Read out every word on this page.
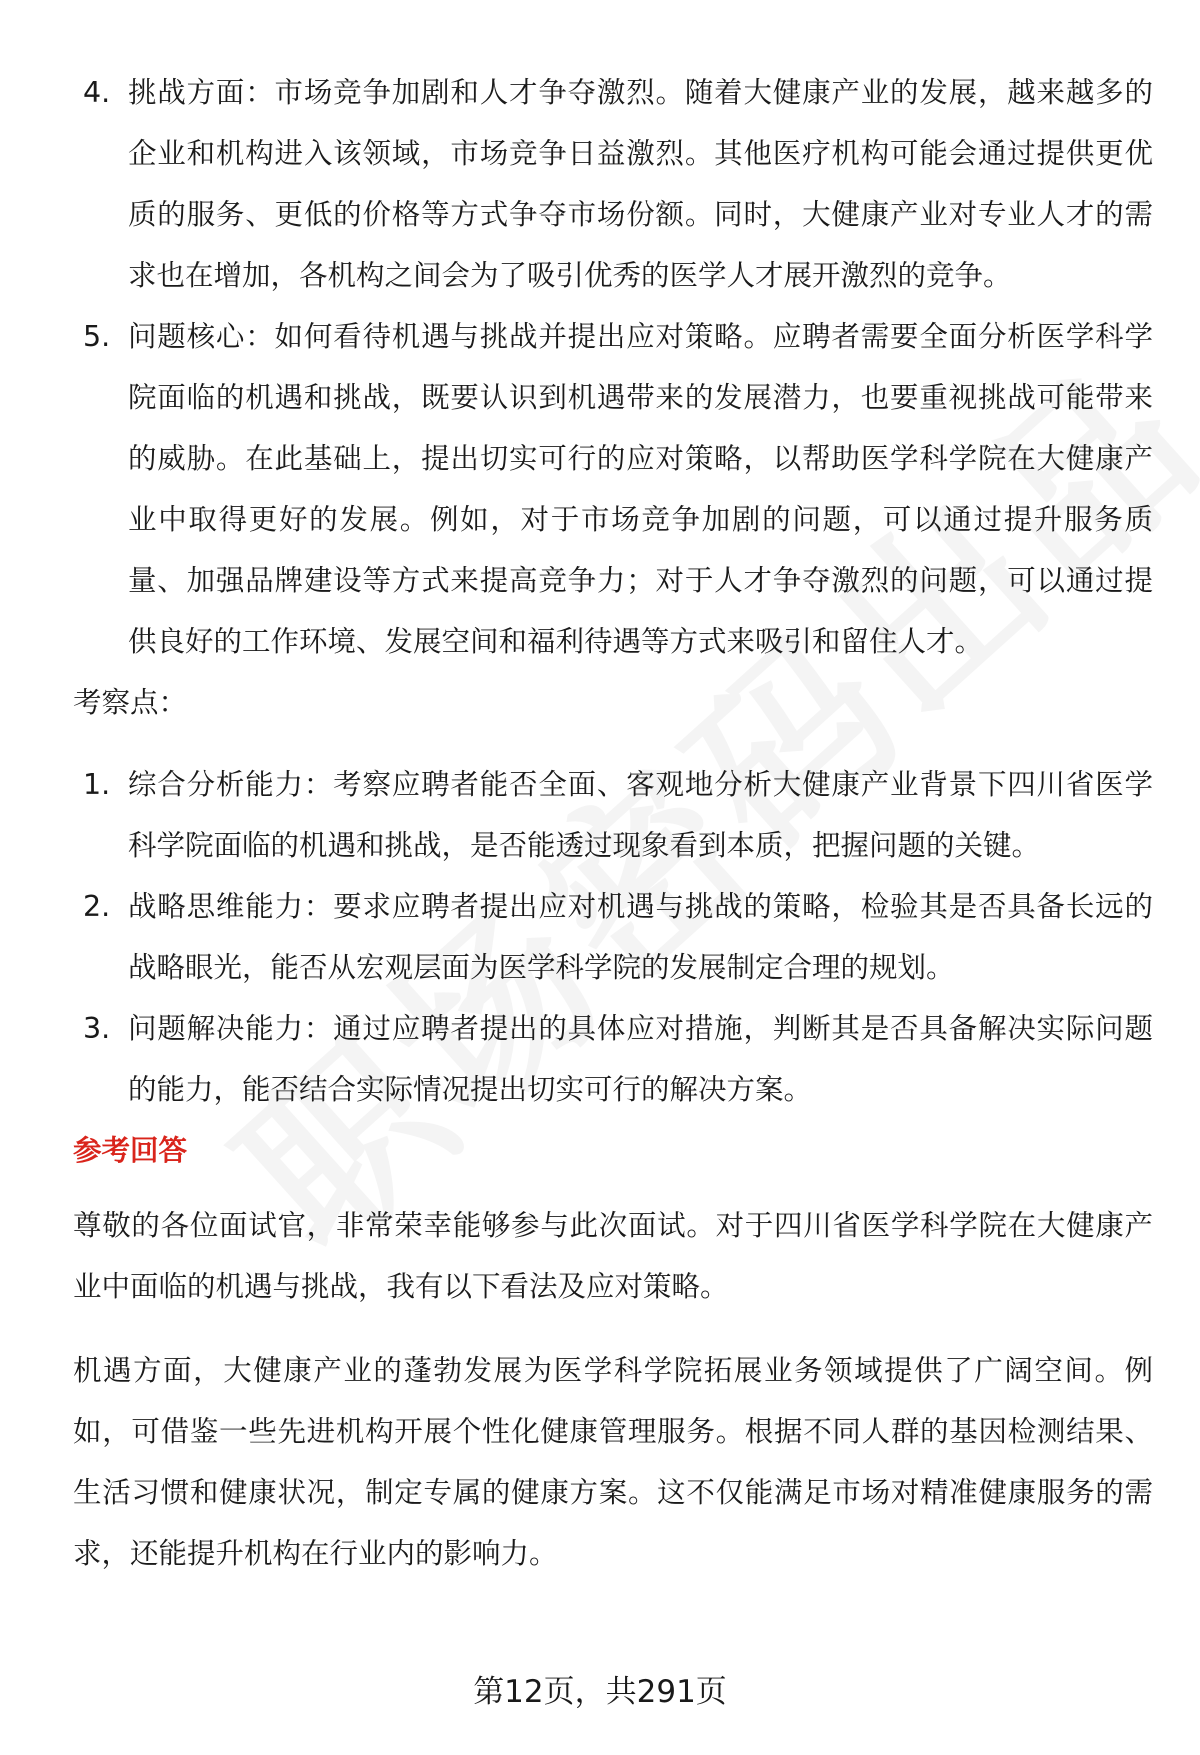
4. 挑战方面：市场竞争加剧和人才争夺激烈。随着大健康产业的发展，越来越多的企业和机构进入该领域，市场竞争日益激烈。其他医疗机构可能会通过提供更优质的服务、更低的价格等方式争夺市场份额。同时，大健康产业对专业人才的需求也在增加，各机构之间会为了吸引优秀的医学人才展开激烈的竞争。
5. 问题核心：如何看待机遇与挑战并提出应对策略。应聘者需要全面分析医学科学院面临的机遇和挑战，既要认识到机遇带来的发展潜力，也要重视挑战可能带来的威胁。在此基础上，提出切实可行的应对策略，以帮助医学科学院在大健康产业中取得更好的发展。例如，对于市场竞争加剧的问题，可以通过提升服务质量、加强品牌建设等方式来提高竞争力；对于人才争夺激烈的问题，可以通过提供良好的工作环境、发展空间和福利待遇等方式来吸引和留住人才。
考察点：
1. 综合分析能力：考察应聘者能否全面、客观地分析大健康产业背景下四川省医学科学院面临的机遇和挑战，是否能透过现象看到本质，把握问题的关键。
2. 战略思维能力：要求应聘者提出应对机遇与挑战的策略，检验其是否具备长远的战略眼光，能否从宏观层面为医学科学院的发展制定合理的规划。
3. 问题解决能力：通过应聘者提出的具体应对措施，判断其是否具备解决实际问题的能力，能否结合实际情况提出切实可行的解决方案。
参考回答

尊敬的各位面试官，非常荣幸能够参与此次面试。对于四川省医学科学院在大健康产业中面临的机遇与挑战，我有以下看法及应对策略。

机遇方面，大健康产业的蓬勃发展为医学科学院拓展业务领域提供了广阔空间。例如，可借鉴一些先进机构开展个性化健康管理服务。根据不同人群的基因检测结果、生活习惯和健康状况，制定专属的健康方案。这不仅能满足市场对精准健康服务的需求，还能提升机构在行业内的影响力。

第12页，共291页
